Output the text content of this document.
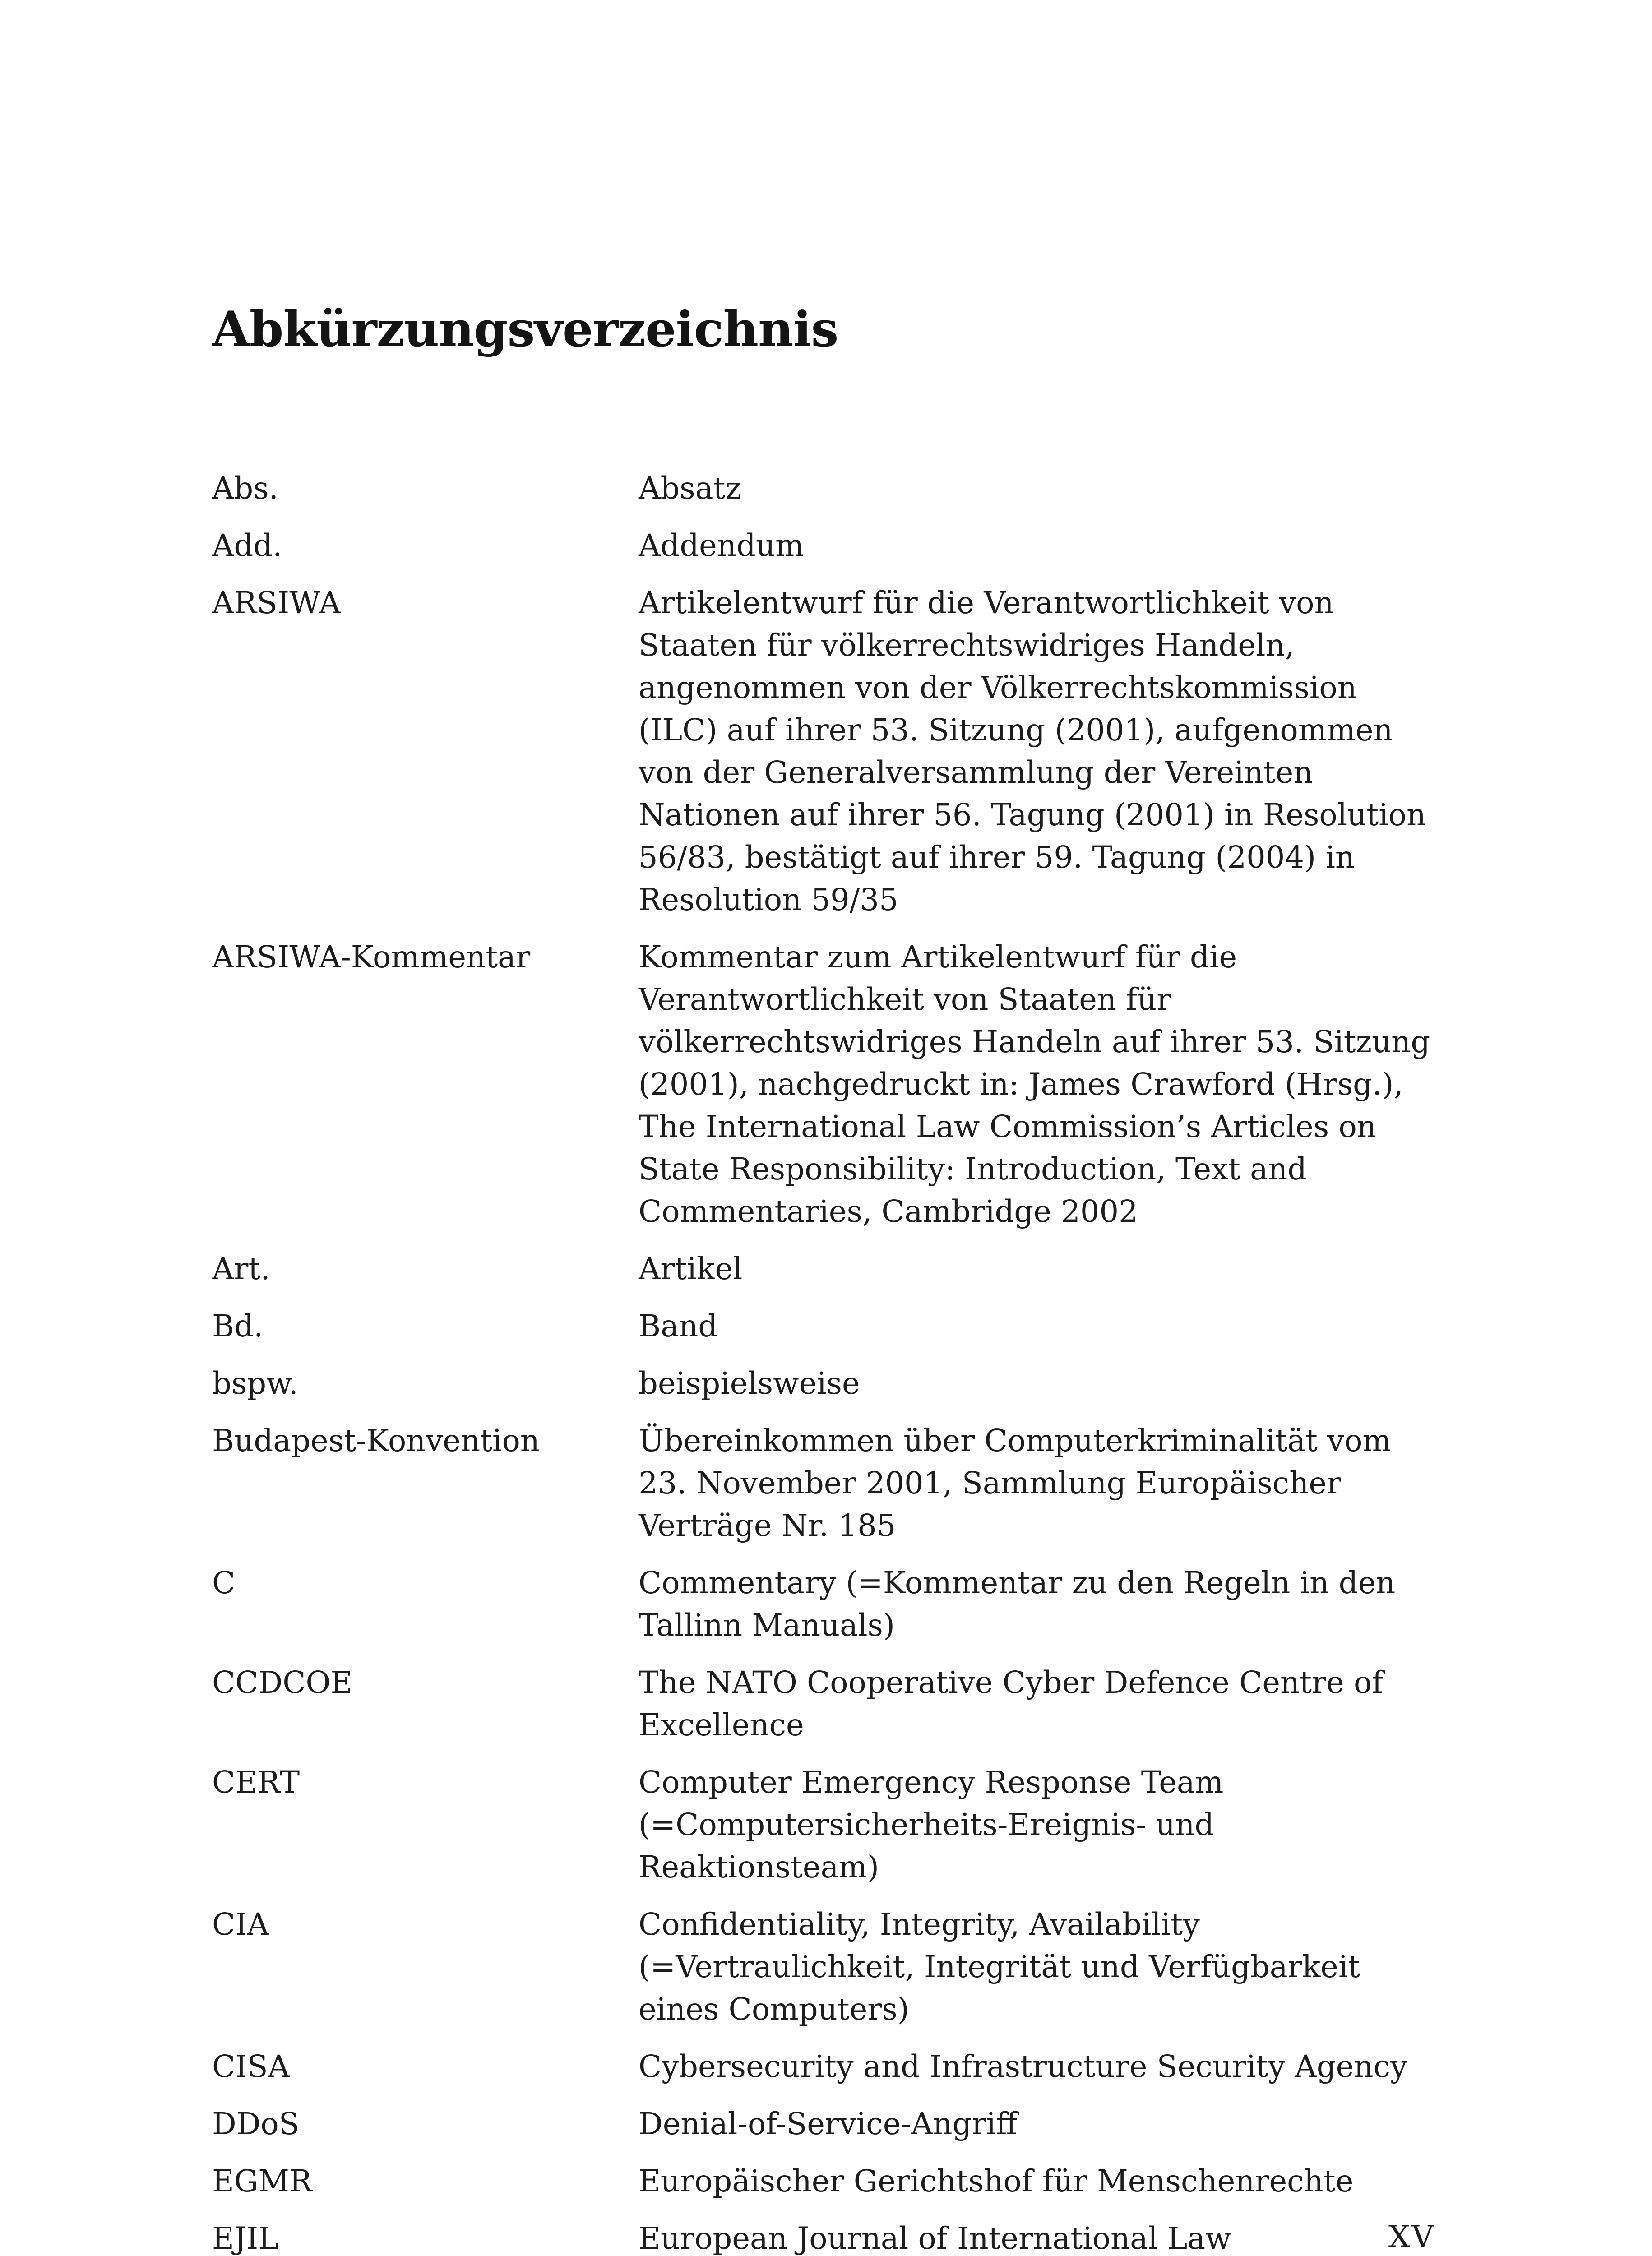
Abkürzungsverzeichnis
Abs.	Absatz
Add.	Addendum
ARSIWA	Artikelentwurf für die Verantwortlichkeit von Staaten für völkerrechtswidriges Handeln, angenommen von der Völkerrechtskommission (ILC) auf ihrer 53. Sitzung (2001), aufgenommen von der Generalversammlung der Vereinten Nationen auf ihrer 56. Tagung (2001) in Resolution 56/83, bestätigt auf ihrer 59. Tagung (2004) in Resolution 59/35
ARSIWA-Kommentar	Kommentar zum Artikelentwurf für die Verantwortlichkeit von Staaten für völkerrechtswidriges Handeln auf ihrer 53. Sitzung (2001), nachgedruckt in: James Crawford (Hrsg.), The International Law Commission’s Articles on State Responsibility: Introduction, Text and Commentaries, Cambridge 2002
Art.	Artikel
Bd.	Band
bspw.	beispielsweise
Budapest-Konvention	Übereinkommen über Computerkriminalität vom 23. November 2001, Sammlung Europäischer Verträge Nr. 185
C	Commentary (=Kommentar zu den Regeln in den Tallinn Manuals)
CCDCOE	The NATO Cooperative Cyber Defence Centre of Excellence
CERT	Computer Emergency Response Team (=Computersicherheits-Ereignis- und Reaktionsteam)
CIA	Confidentiality, Integrity, Availability (=Vertraulichkeit, Integrität und Verfügbarkeit eines Computers)
CISA	Cybersecurity and Infrastructure Security Agency
DDoS	Denial-of-Service-Angriff
EGMR	Europäischer Gerichtshof für Menschenrechte
EJIL	European Journal of International Law	XV
